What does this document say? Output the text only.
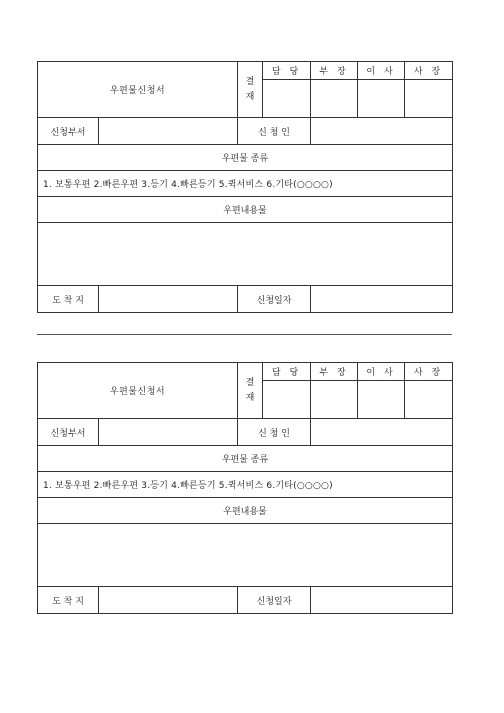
우편물신청서		결
재	담 당	부 장	이 사	사 장

신청부서		신 청 인				
우편물 종류						
1. 보통우편 2.빠른우편 3.등기 4.빠른등기 5.퀵서비스 6.기타(○○○○)						
우편내용물						

도 착 지		신청일자				
우편물신청서		결
재	담 당	부 장	이 사	사 장

신청부서		신 청 인				
우편물 종류						
1. 보통우편 2.빠른우편 3.등기 4.빠른등기 5.퀵서비스 6.기타(○○○○)						
우편내용물						

도 착 지		신청일자				
